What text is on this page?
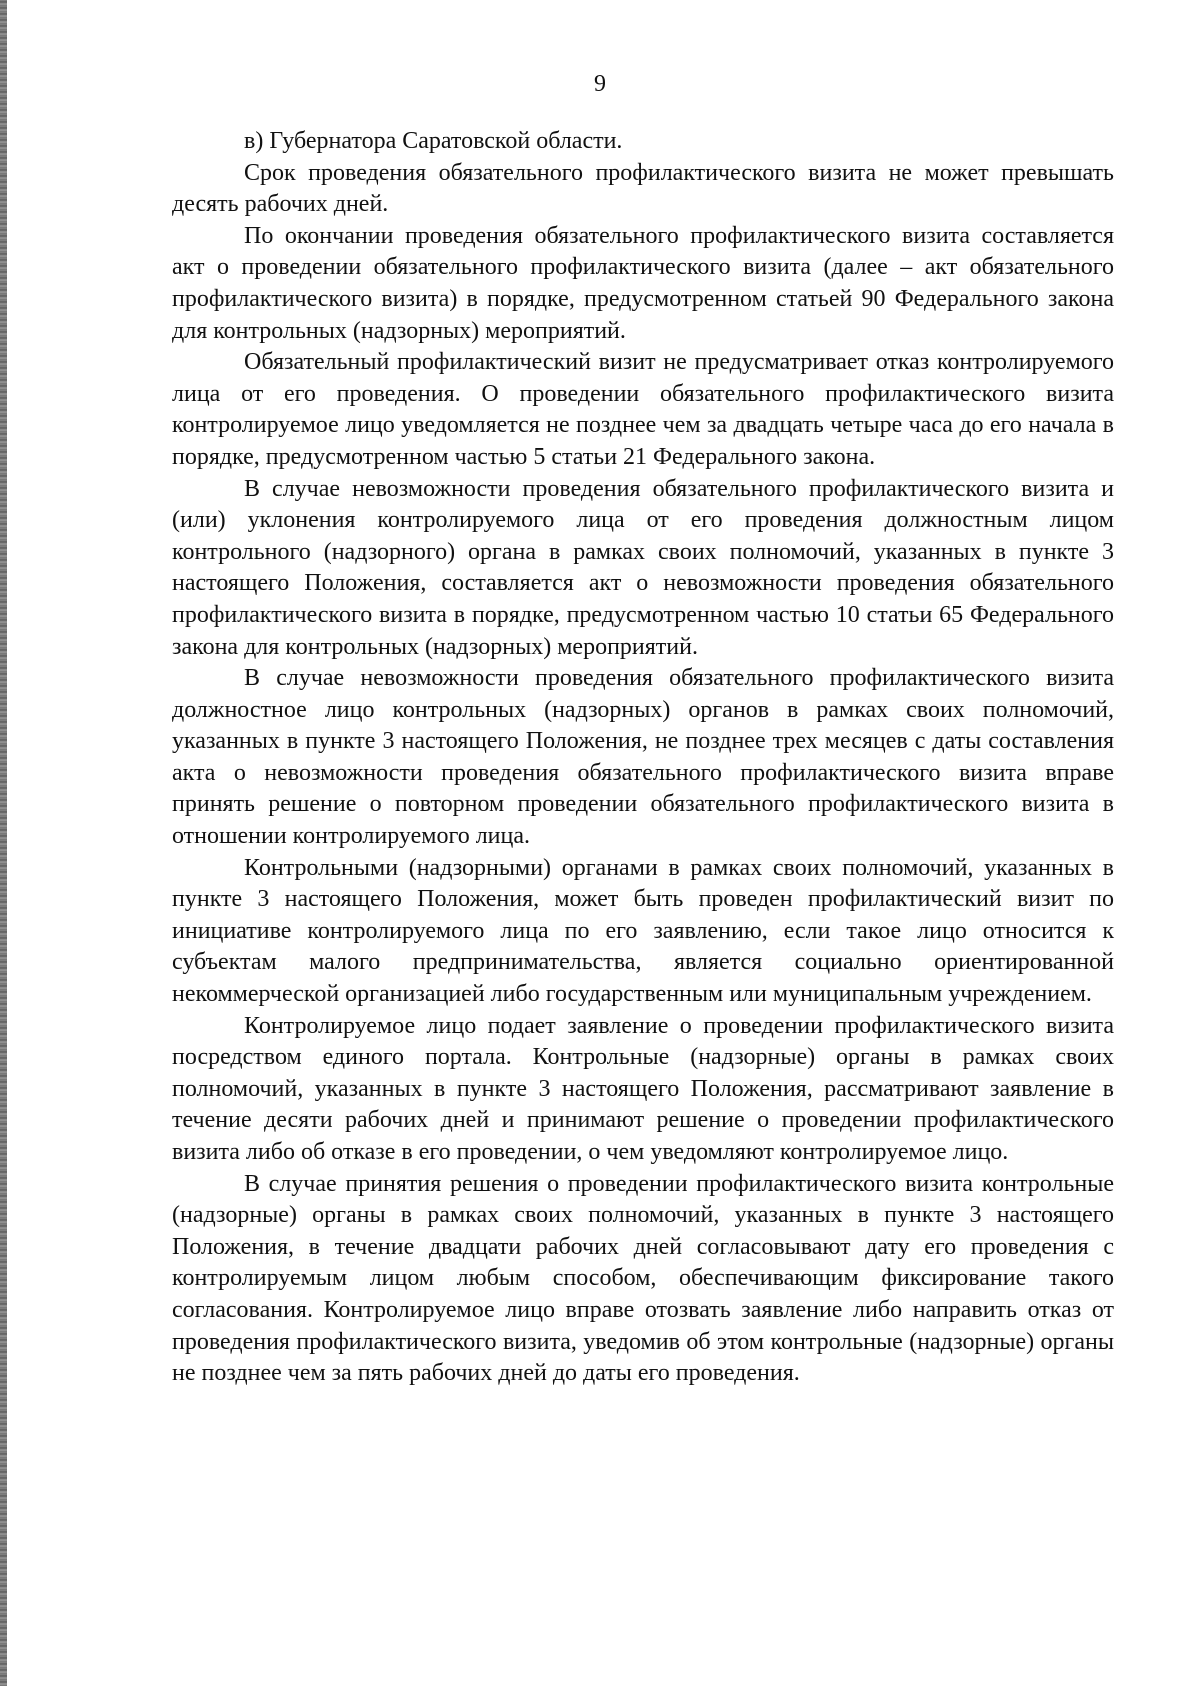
9

в) Губернатора Саратовской области.

Срок проведения обязательного профилактического визита не может превышать десять рабочих дней.

По окончании проведения обязательного профилактического визита составляется акт о проведении обязательного профилактического визита (далее – акт обязательного профилактического визита) в порядке, предусмотренном статьей 90 Федерального закона для контрольных (надзорных) мероприятий.

Обязательный профилактический визит не предусматривает отказ контролируемого лица от его проведения. О проведении обязательного профилактического визита контролируемое лицо уведомляется не позднее чем за двадцать четыре часа до его начала в порядке, предусмотренном частью 5 статьи 21 Федерального закона.

В случае невозможности проведения обязательного профилактического визита и (или) уклонения контролируемого лица от его проведения должностным лицом контрольного (надзорного) органа в рамках своих полномочий, указанных в пункте 3 настоящего Положения, составляется акт о невозможности проведения обязательного профилактического визита в порядке, предусмотренном частью 10 статьи 65 Федерального закона для контрольных (надзорных) мероприятий.

В случае невозможности проведения обязательного профилактического визита должностное лицо контрольных (надзорных) органов в рамках своих полномочий, указанных в пункте 3 настоящего Положения, не позднее трех месяцев с даты составления акта о невозможности проведения обязательного профилактического визита вправе принять решение о повторном проведении обязательного профилактического визита в отношении контролируемого лица.

Контрольными (надзорными) органами в рамках своих полномочий, указанных в пункте 3 настоящего Положения, может быть проведен профилактический визит по инициативе контролируемого лица по его заявлению, если такое лицо относится к субъектам малого предпринимательства, является социально ориентированной некоммерческой организацией либо государственным или муниципальным учреждением.

Контролируемое лицо подает заявление о проведении профилактического визита посредством единого портала. Контрольные (надзорные) органы в рамках своих полномочий, указанных в пункте 3 настоящего Положения, рассматривают заявление в течение десяти рабочих дней и принимают решение о проведении профилактического визита либо об отказе в его проведении, о чем уведомляют контролируемое лицо.

В случае принятия решения о проведении профилактического визита контрольные (надзорные) органы в рамках своих полномочий, указанных в пункте 3 настоящего Положения, в течение двадцати рабочих дней согласовывают дату его проведения с контролируемым лицом любым способом, обеспечивающим фиксирование такого согласования. Контролируемое лицо вправе отозвать заявление либо направить отказ от проведения профилактического визита, уведомив об этом контрольные (надзорные) органы не позднее чем за пять рабочих дней до даты его проведения.
